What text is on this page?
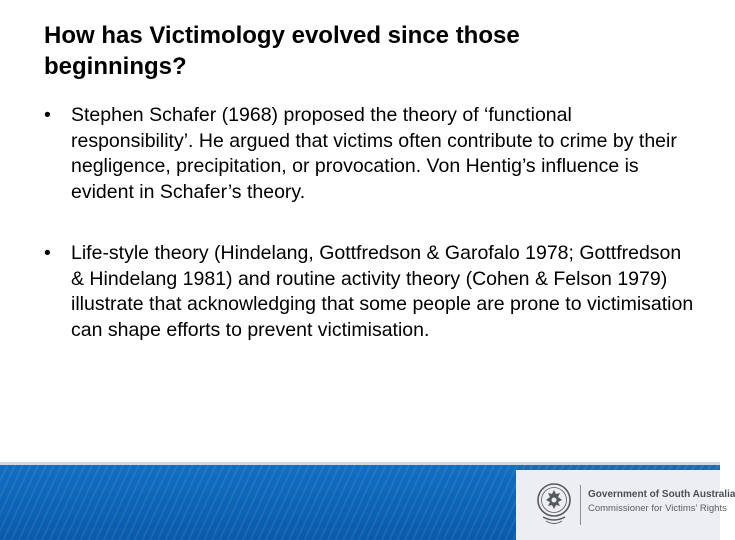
How has Victimology evolved since those beginnings?
• Stephen Schafer (1968) proposed the theory of ‘functional responsibility’. He argued that victims often contribute to crime by their negligence, precipitation, or provocation. Von Hentig’s influence is evident in Schafer’s theory.
• Life-style theory (Hindelang, Gottfredson & Garofalo 1978; Gottfredson & Hindelang 1981) and routine activity theory (Cohen & Felson 1979) illustrate that acknowledging that some people are prone to victimisation can shape efforts to prevent victimisation.
Government of South Australia
Commissioner for Victims’ Rights
